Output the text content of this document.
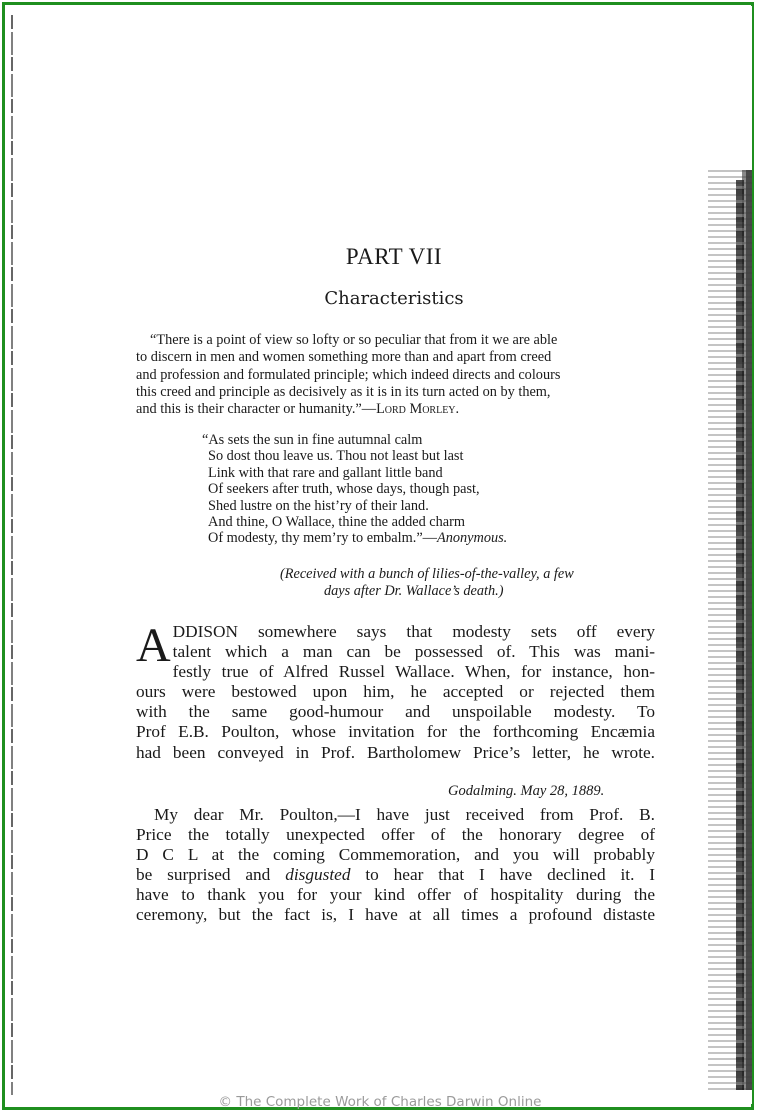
PART VII
Characteristics
“There is a point of view so lofty or so peculiar that from it we are able
to discern in men and women something more than and apart from creed
and profession and formulated principle; which indeed directs and colours
this creed and principle as decisively as it is in its turn acted on by them,
and this is their character or humanity.”—Lord Morley.
“As sets the sun in fine autumnal calm
So dost thou leave us. Thou not least but last
Link with that rare and gallant little band
Of seekers after truth, whose days, though past,
Shed lustre on the hist’ry of their land.
And thine, O Wallace, thine the added charm
Of modesty, thy mem’ry to embalm.”—Anonymous.
(Received with a bunch of lilies-of-the-valley, a few
days after Dr. Wallace’s death.)
A DDISON somewhere says that modesty sets off every
talent which a man can be possessed of. This was mani-
festly true of Alfred Russel Wallace. When, for instance, hon-
ours were bestowed upon him, he accepted or rejected them
with the same good-humour and unspoilable modesty. To
Prof E.B. Poulton, whose invitation for the forthcoming Encæmia
had been conveyed in Prof. Bartholomew Price’s letter, he wrote.
Godalming. May 28, 1889.
My dear Mr. Poulton,—I have just received from Prof. B.
Price the totally unexpected offer of the honorary degree of
D C L at the coming Commemoration, and you will probably
be surprised and disgusted to hear that I have declined it. I
have to thank you for your kind offer of hospitality during the
ceremony, but the fact is, I have at all times a profound distaste
© The Complete Work of Charles Darwin Online
